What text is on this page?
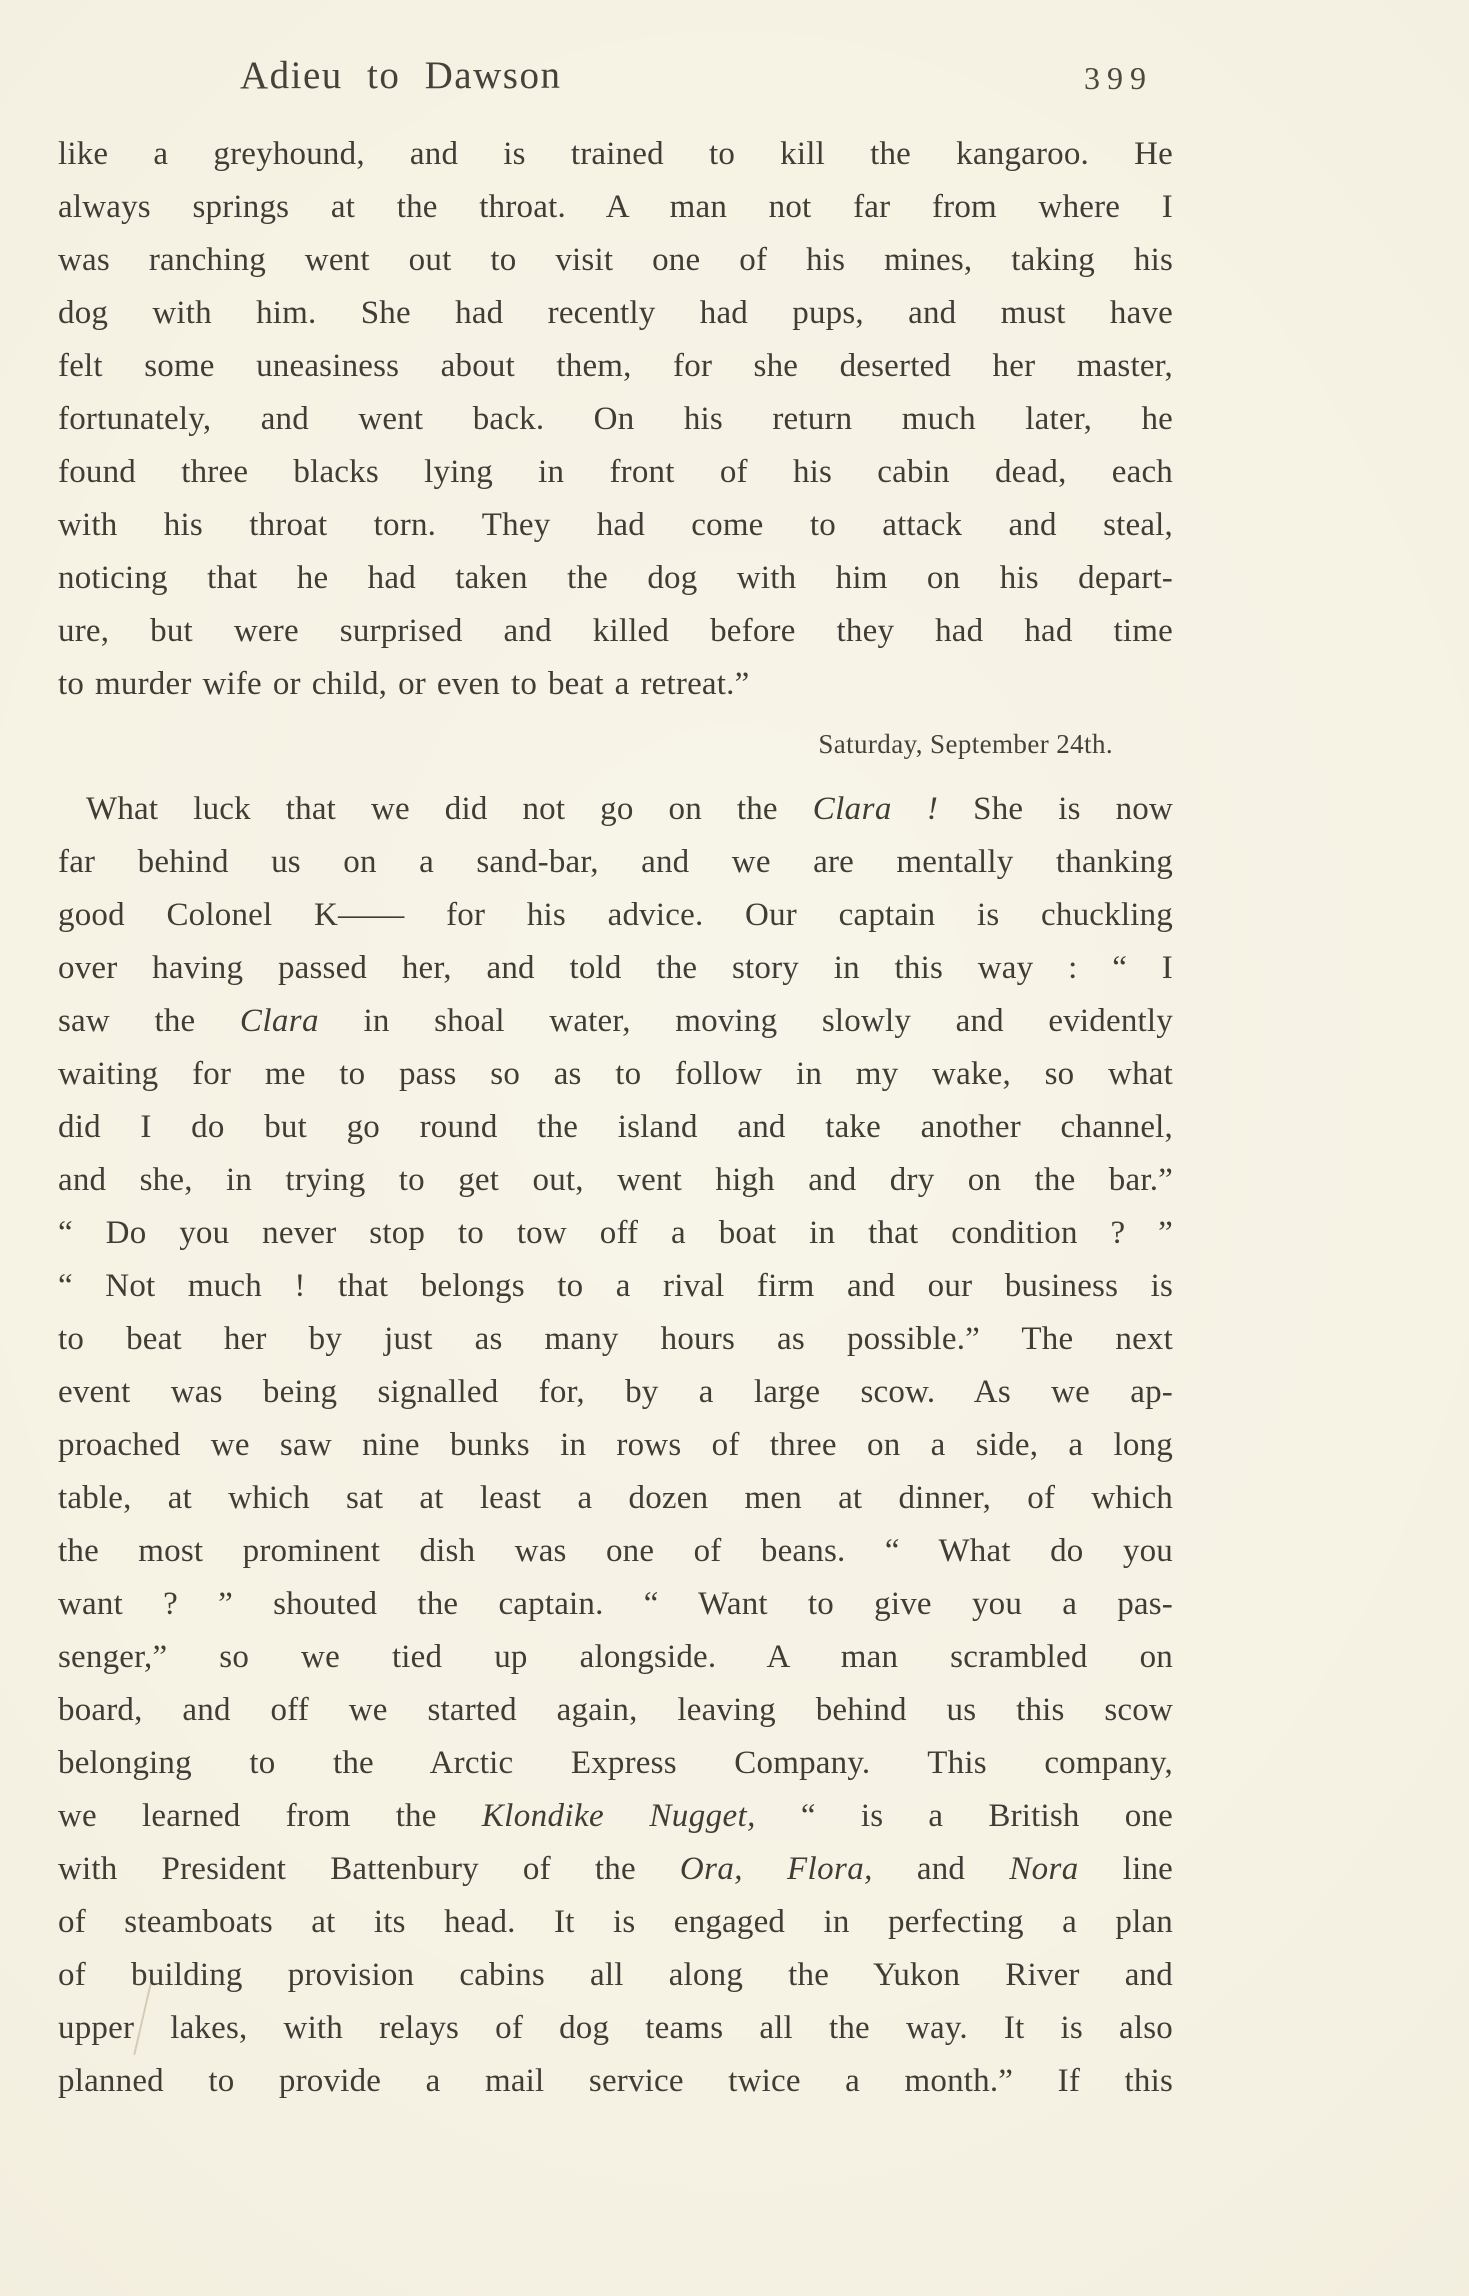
Adieu to Dawson	399
like a greyhound, and is trained to kill the kangaroo. He
always springs at the throat. A man not far from where I
was ranching went out to visit one of his mines, taking his
dog with him. She had recently had pups, and must have
felt some uneasiness about them, for she deserted her master,
fortunately, and went back. On his return much later, he
found three blacks lying in front of his cabin dead, each
with his throat torn. They had come to attack and steal,
noticing that he had taken the dog with him on his depart-
ure, but were surprised and killed before they had had time
to murder wife or child, or even to beat a retreat.”
Saturday, September 24th.
What luck that we did not go on the Clara ! She is now
far behind us on a sand-bar, and we are mentally thanking
good Colonel K—— for his advice. Our captain is chuckling
over having passed her, and told the story in this way : “ I
saw the Clara in shoal water, moving slowly and evidently
waiting for me to pass so as to follow in my wake, so what
did I do but go round the island and take another channel,
and she, in trying to get out, went high and dry on the bar.”
“ Do you never stop to tow off a boat in that condition ? ”
“ Not much ! that belongs to a rival firm and our business is
to beat her by just as many hours as possible.” The next
event was being signalled for, by a large scow. As we ap-
proached we saw nine bunks in rows of three on a side, a long
table, at which sat at least a dozen men at dinner, of which
the most prominent dish was one of beans. “ What do you
want ? ” shouted the captain. “ Want to give you a pas-
senger,” so we tied up alongside. A man scrambled on
board, and off we started again, leaving behind us this scow
belonging to the Arctic Express Company. This company,
we learned from the Klondike Nugget, “ is a British one
with President Battenbury of the Ora, Flora, and Nora line
of steamboats at its head. It is engaged in perfecting a plan
of building provision cabins all along the Yukon River and
upper lakes, with relays of dog teams all the way. It is also
planned to provide a mail service twice a month.” If this
